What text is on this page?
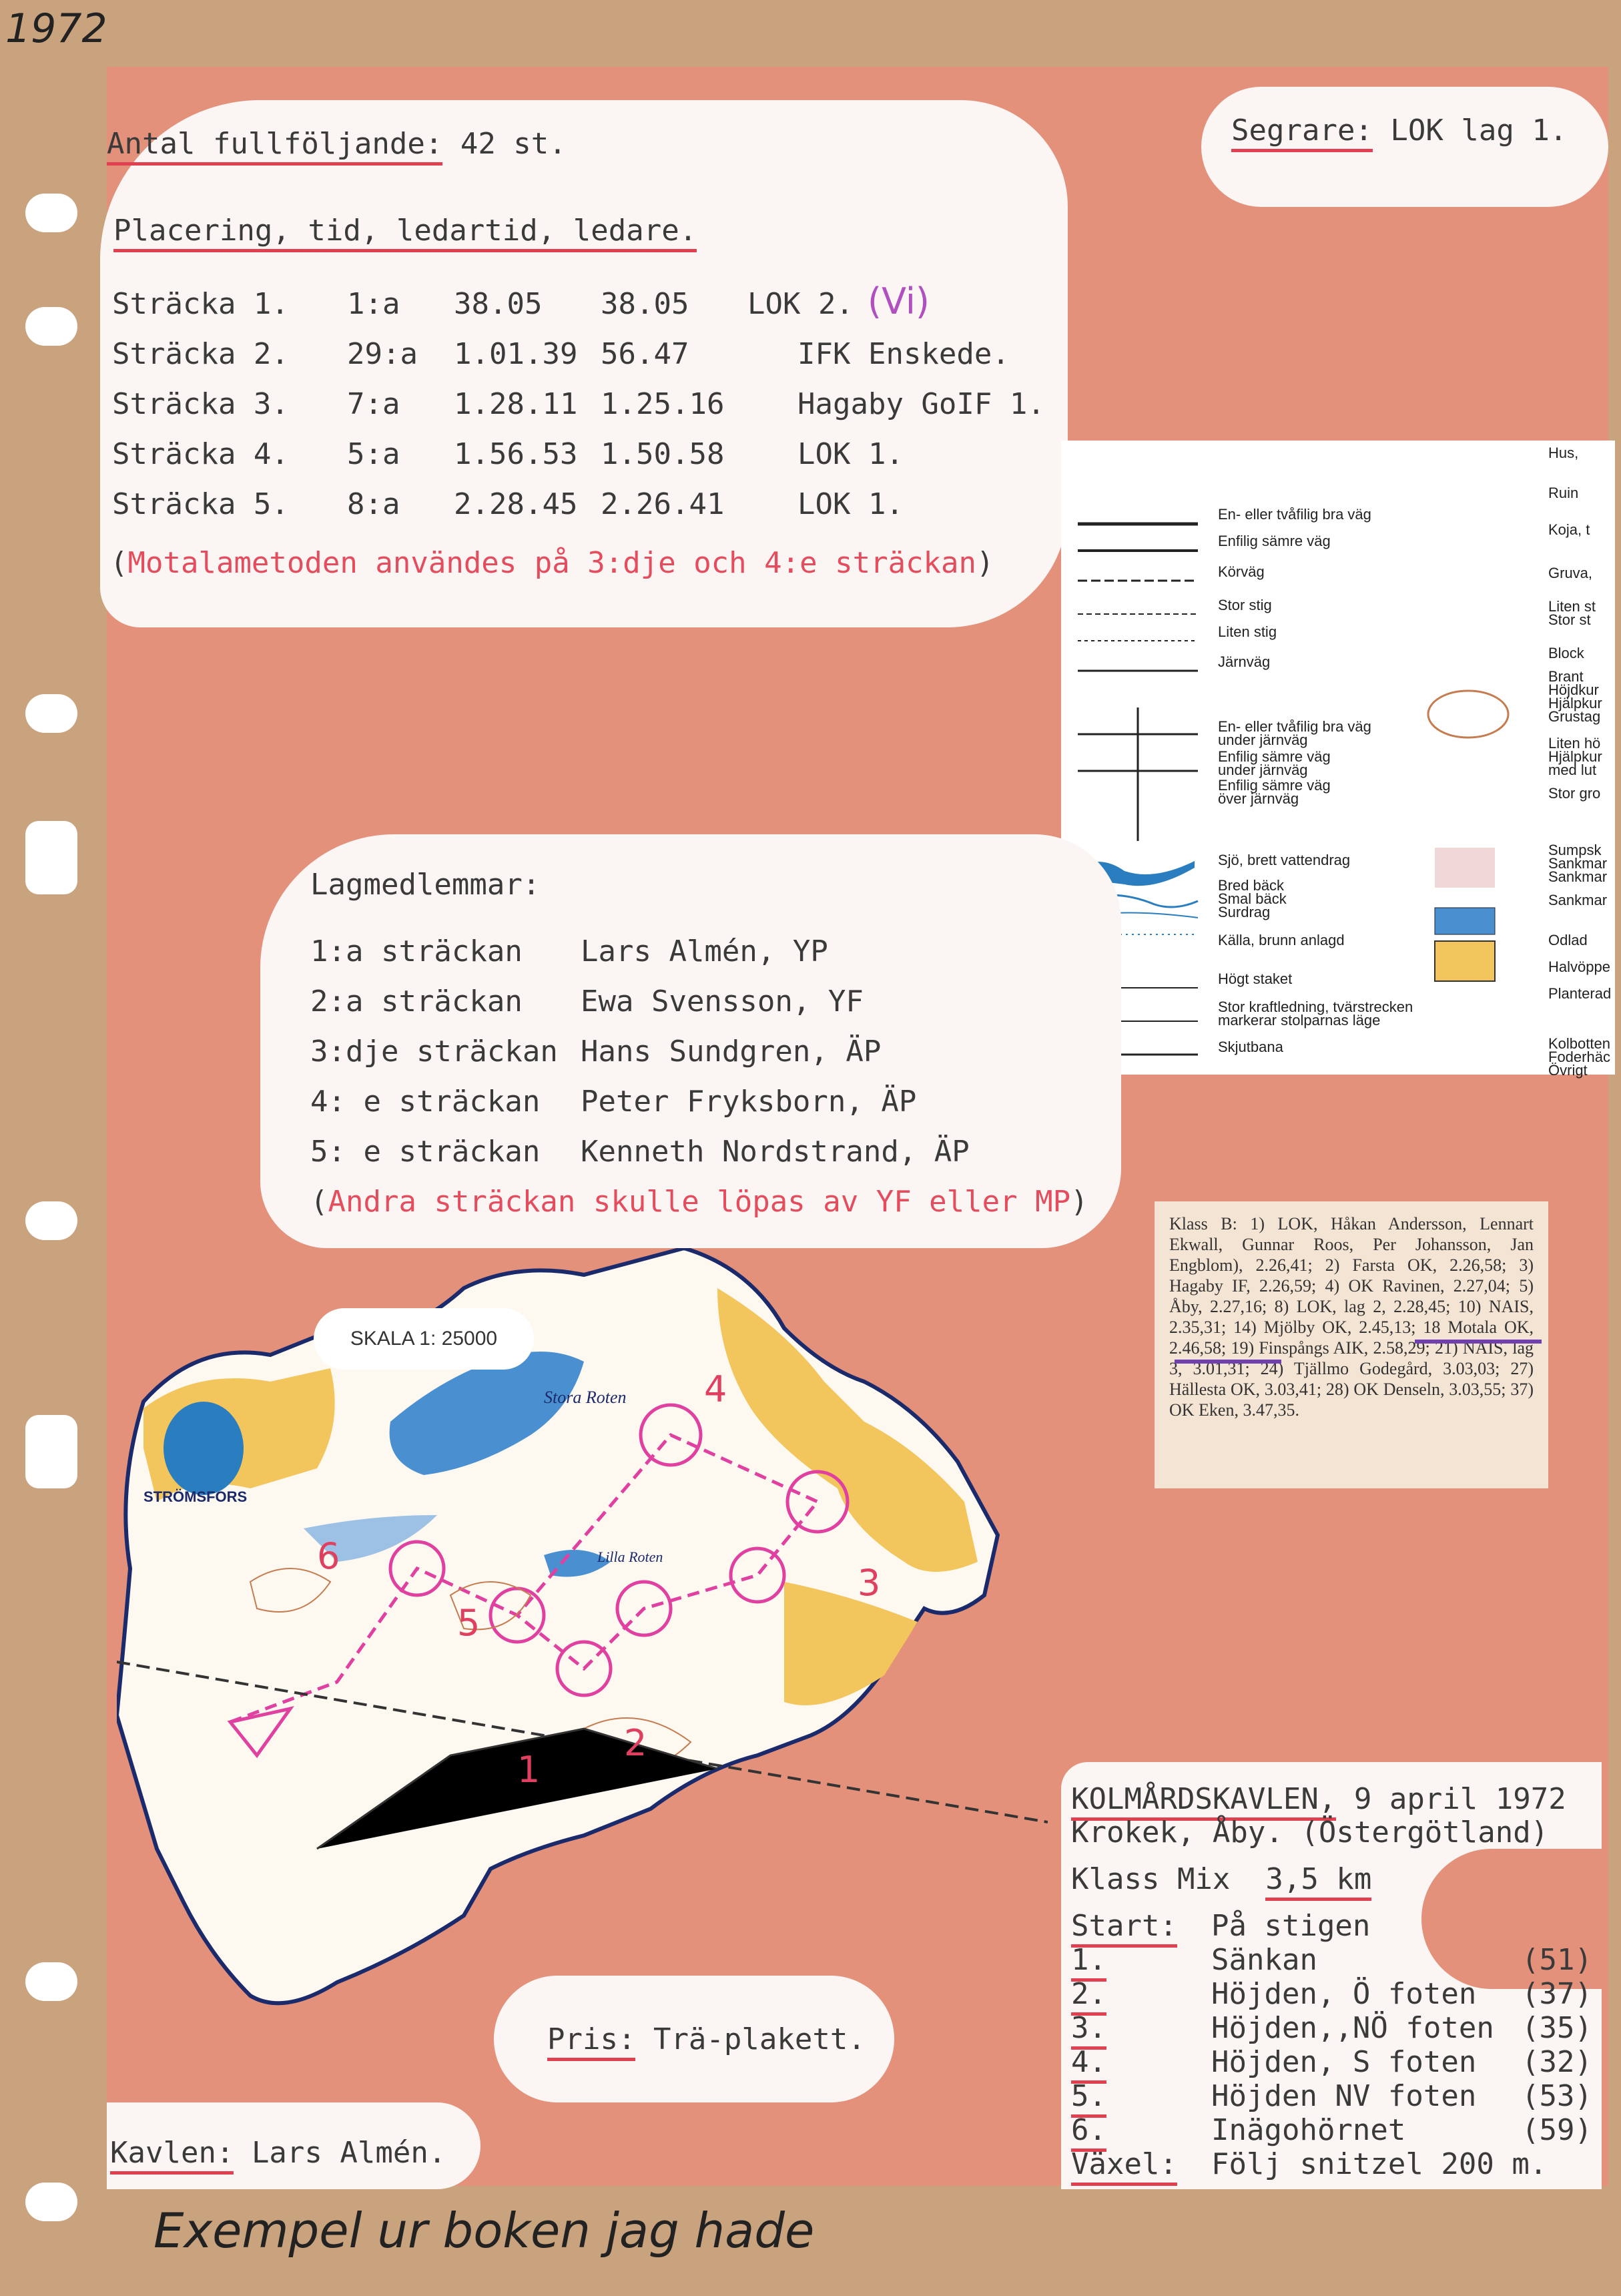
1972
Exempel ur boken jag hade
Antal fullföljande: 42 st.
Placering, tid, ledartid, ledare.
Sträcka 1. 1:a 38.05 38.05 LOK 2.
Sträcka 2. 29:a 1.01.39 56.47	IFK Enskede.
Sträcka 3. 7:a 1.28.11 1.25.16 Hagaby GoIF 1.
Sträcka 4. 5:a 1.56.53 1.50.58 LOK 1.
Sträcka 5. 8:a 2.28.45 2.26.41 LOK 1.
(Vi)
(Motalametoden användes på 3:dje och 4:e sträckan)
Segrare: LOK lag 1.
En- eller tvåfilig bra väg
Enfilig sämre väg
Körväg
Stor stig
Liten stig
Järnväg
En- eller tvåfilig bra väg
under järnväg
Enfilig sämre väg
under järnväg
Enfilig sämre väg
över järnväg
Sjö, brett vattendrag
Bred bäck
Smal bäck
Surdrag
Källa, brunn anlagd
Högt staket
Stor kraftledning, tvärstrecken
markerar stolparnas läge
Skjutbana
Hus,
Ruin
Koja, t
Gruva,
Liten st
Stor st
Block
Brant
Höjdkur
Hjälpkur
Grustag
Liten hö
Hjälpkur
med lut
Stor gro
Sumpsk
Sankmar
Sankmar
Sankmar
Odlad
Halvöppe
Planterad
Kolbotten
Foderhäc
Övrigt
Lagmedlemmar:
1:a sträckan Lars Almén, YP
2:a sträckan Ewa Svensson, YF
3:dje sträckan Hans Sundgren, ÄP
4: e sträckan Peter Fryksborn, ÄP
5: e sträckan Kenneth Nordstrand, ÄP
(Andra sträckan skulle löpas av YF eller MP)

Klass B: 1) LOK, Håkan Andersson, Lennart Ekwall, Gunnar Roos, Per Johansson, Jan Engblom), 2.26,41; 2) Farsta OK, 2.26,58; 3) Hagaby IF, 2.26,59; 4) OK Ravinen, 2.27,04; 5) Åby, 2.27,16; 8) LOK, lag 2, 2.28,45; 10) NAIS, 2.35,31; 14) Mjölby OK, 2.45,13; 18 Motala OK, 2.46,58; 19) Finspångs AIK, 2.58,29; 21) NAIS, lag 3, 3.01,31; 24) Tjällmo Godegård, 3.03,03; 27) Hällesta OK, 3.03,41; 28) OK Denseln, 3.03,55; 37) OK Eken, 3.47,35.

Stora Roten
Lilla Roten
STRÖMSFORS
1
2
3
4
5
6
SKALA 1: 25000
Pris: Trä-plakett.
Kavlen: Lars Almén.
KOLMÅRDSKAVLEN, 9 april 1972
Krokek, Åby. (Östergötland)
Klass Mix 3,5 km
Start: På stigen
1.	Sänkan	(51)
2.	Höjden, Ö foten (37)
3.	Höjden,,NÖ foten (35)
4.	Höjden, S foten (32)
5.	Höjden NV foten (53)
6.	Inägohörnet	(59)
Växel: Följ snitzel 200 m.
